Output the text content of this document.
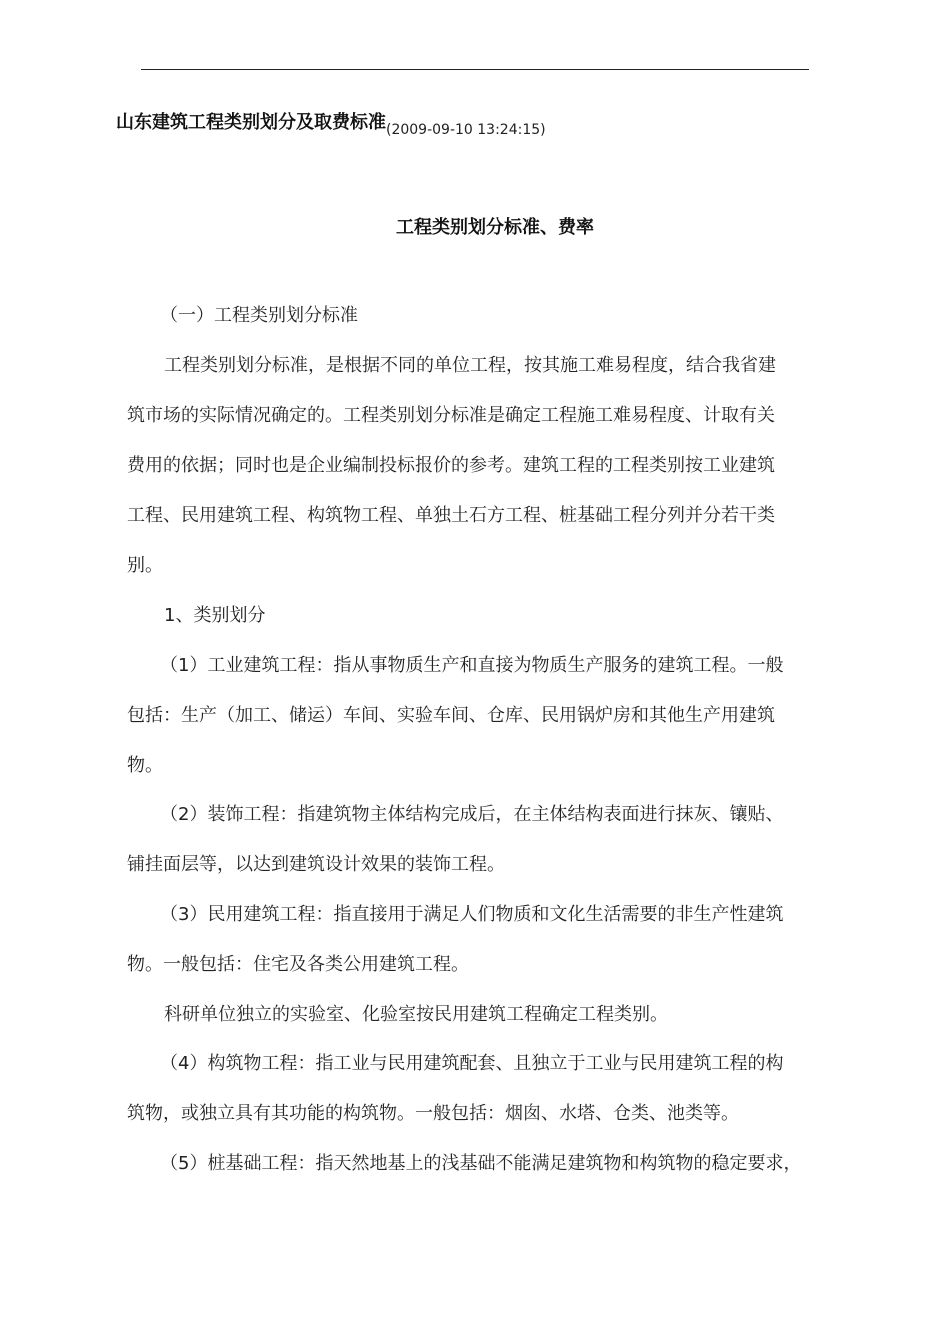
山东建筑工程类别划分及取费标准(2009-09-10 13:24:15)
工程类别划分标准、费率
（一）工程类别划分标准
工程类别划分标准，是根据不同的单位工程，按其施工难易程度，结合我省建
筑市场的实际情况确定的。工程类别划分标准是确定工程施工难易程度、计取有关
费用的依据；同时也是企业编制投标报价的参考。建筑工程的工程类别按工业建筑
工程、民用建筑工程、构筑物工程、单独土石方工程、桩基础工程分列并分若干类
别。
1、类别划分
（1）工业建筑工程：指从事物质生产和直接为物质生产服务的建筑工程。一般
包括：生产（加工、储运）车间、实验车间、仓库、民用锅炉房和其他生产用建筑
物。
（2）装饰工程：指建筑物主体结构完成后，在主体结构表面进行抹灰、镶贴、
铺挂面层等，以达到建筑设计效果的装饰工程。
（3）民用建筑工程：指直接用于满足人们物质和文化生活需要的非生产性建筑
物。一般包括：住宅及各类公用建筑工程。
科研单位独立的实验室、化验室按民用建筑工程确定工程类别。
（4）构筑物工程：指工业与民用建筑配套、且独立于工业与民用建筑工程的构
筑物，或独立具有其功能的构筑物。一般包括：烟囱、水塔、仓类、池类等。
（5）桩基础工程：指天然地基上的浅基础不能满足建筑物和构筑物的稳定要求，
